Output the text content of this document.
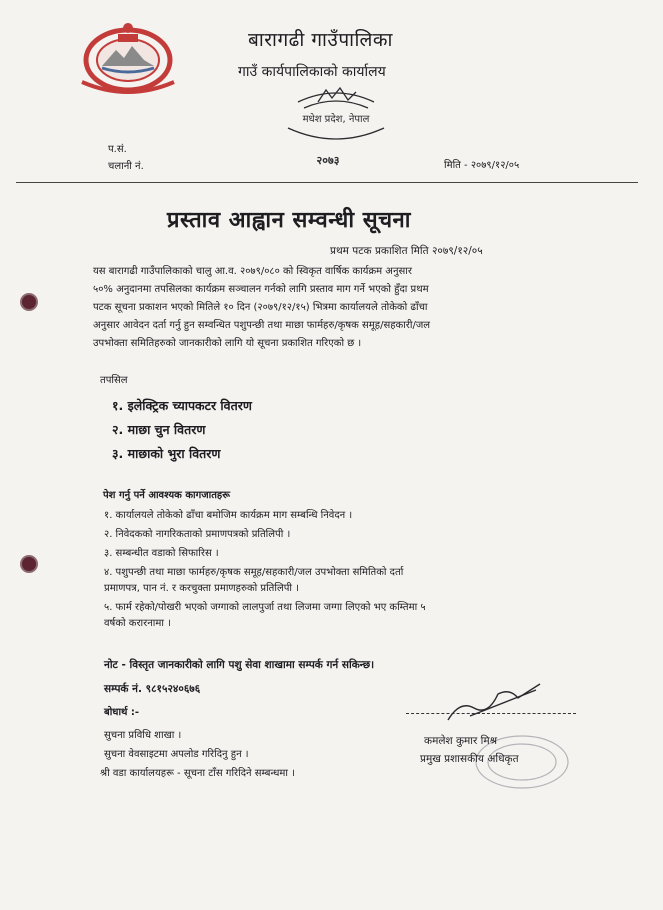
बारागढी गाउँपालिका
गाउँ कार्यपालिकाको कार्यालय
मधेश प्रदेश, नेपाल
२०७३
प.सं.
चलानी नं.	मिति - २०७९/१२/०५
प्रस्ताव आह्वान सम्वन्धी सूचना
प्रथम पटक प्रकाशित मिति २०७९/१२/०५

यस बारागढी गाउँपालिकाको चालु आ.व. २०७९/०८० को स्विकृत वार्षिक कार्यक्रम अनुसार
५०% अनुदानमा तपसिलका कार्यक्रम सञ्चालन गर्नको लागि प्रस्ताव माग गर्ने भएको हुँदा प्रथम
पटक सूचना प्रकाशन भएको मितिले १० दिन (२०७९/१२/१५) भित्रमा कार्यालयले तोकेको ढाँचा
अनुसार आवेदन दर्ता गर्नु हुन सम्वन्धित पशुपन्छी तथा माछा फार्महरु/कृषक समूह/सहकारी/जल
उपभोक्ता समितिहरुको जानकारीको लागि यो सूचना प्रकाशित गरिएको छ ।

तपसिल
१. इलेक्ट्रिक च्यापकटर वितरण
२. माछा चुन वितरण
३. माछाको भुरा वितरण
पेश गर्नु पर्ने आवश्यक कागजातहरू
१. कार्यालयले तोकेको ढाँचा बमोजिम कार्यक्रम माग सम्बन्धि निवेदन ।
२. निवेदकको नागरिकताको प्रमाणपत्रको प्रतिलिपी ।
३. सम्बन्धीत वडाको सिफारिस ।
४. पशुपन्छी तथा माछा फार्महरु/कृषक समूह/सहकारी/जल उपभोक्ता समितिको दर्ता
प्रमाणपत्र, पान नं. र करचुक्ता प्रमाणहरुको प्रतिलिपी ।
५. फार्म रहेको/पोखरी भएको जग्गाको लालपुर्जा तथा लिजमा जग्गा लिएको भए कम्तिमा ५
वर्षको करारनामा ।
नोट - विस्तृत जानकारीको लागि पशु सेवा शाखामा सम्पर्क गर्न सकिन्छ।
सम्पर्क नं. ९८१५२४०६७६
बोधार्थ :-
सुचना प्रविधि शाखा ।
सुचना वेवसाइटमा अपलोड गरिदिनु हुन ।
श्री वडा कार्यालयहरू - सूचना टाँस गरिदिने सम्बन्धमा ।
कमलेश कुमार मिश्र
प्रमुख प्रशासकीय अधिकृत
